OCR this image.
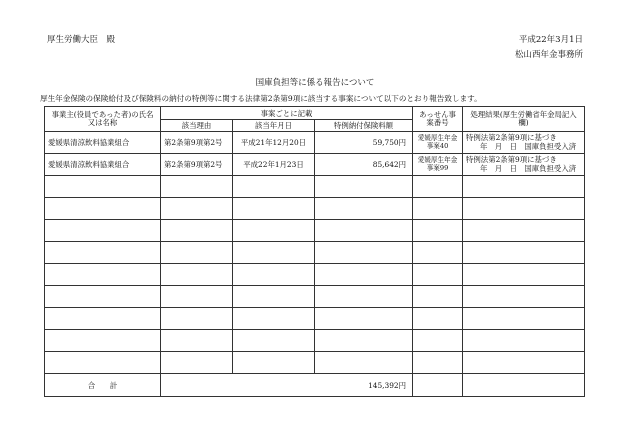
厚生労働大臣　殿	平成22年3月1日
松山西年金事務所
国庫負担等に係る報告について
厚生年金保険の保険給付及び保険料の納付の特例等に関する法律第2条第9項に該当する事案について以下のとおり報告致します。
事業主(役員であった者)の氏名又は名称	事案ごとに記載			あっせん事案番号	処理結果(厚生労働省年金局記入欄)
	該当理由	該当年月日	特例納付保険料額		
愛媛県清涼飲料協業組合	第2条第9項第2号	平成21年12月20日	59,750円	愛媛厚生年金事案40	特例法第2条第9項に基づき
年　月　日　国庫負担受入済

愛媛県清涼飲料協業組合	第2条第9項第2号	平成22年1月23日	85,642円	愛媛厚生年金事案99	特例法第2条第9項に基づき
年　月　日　国庫負担受入済

合　　計	145,392円				
